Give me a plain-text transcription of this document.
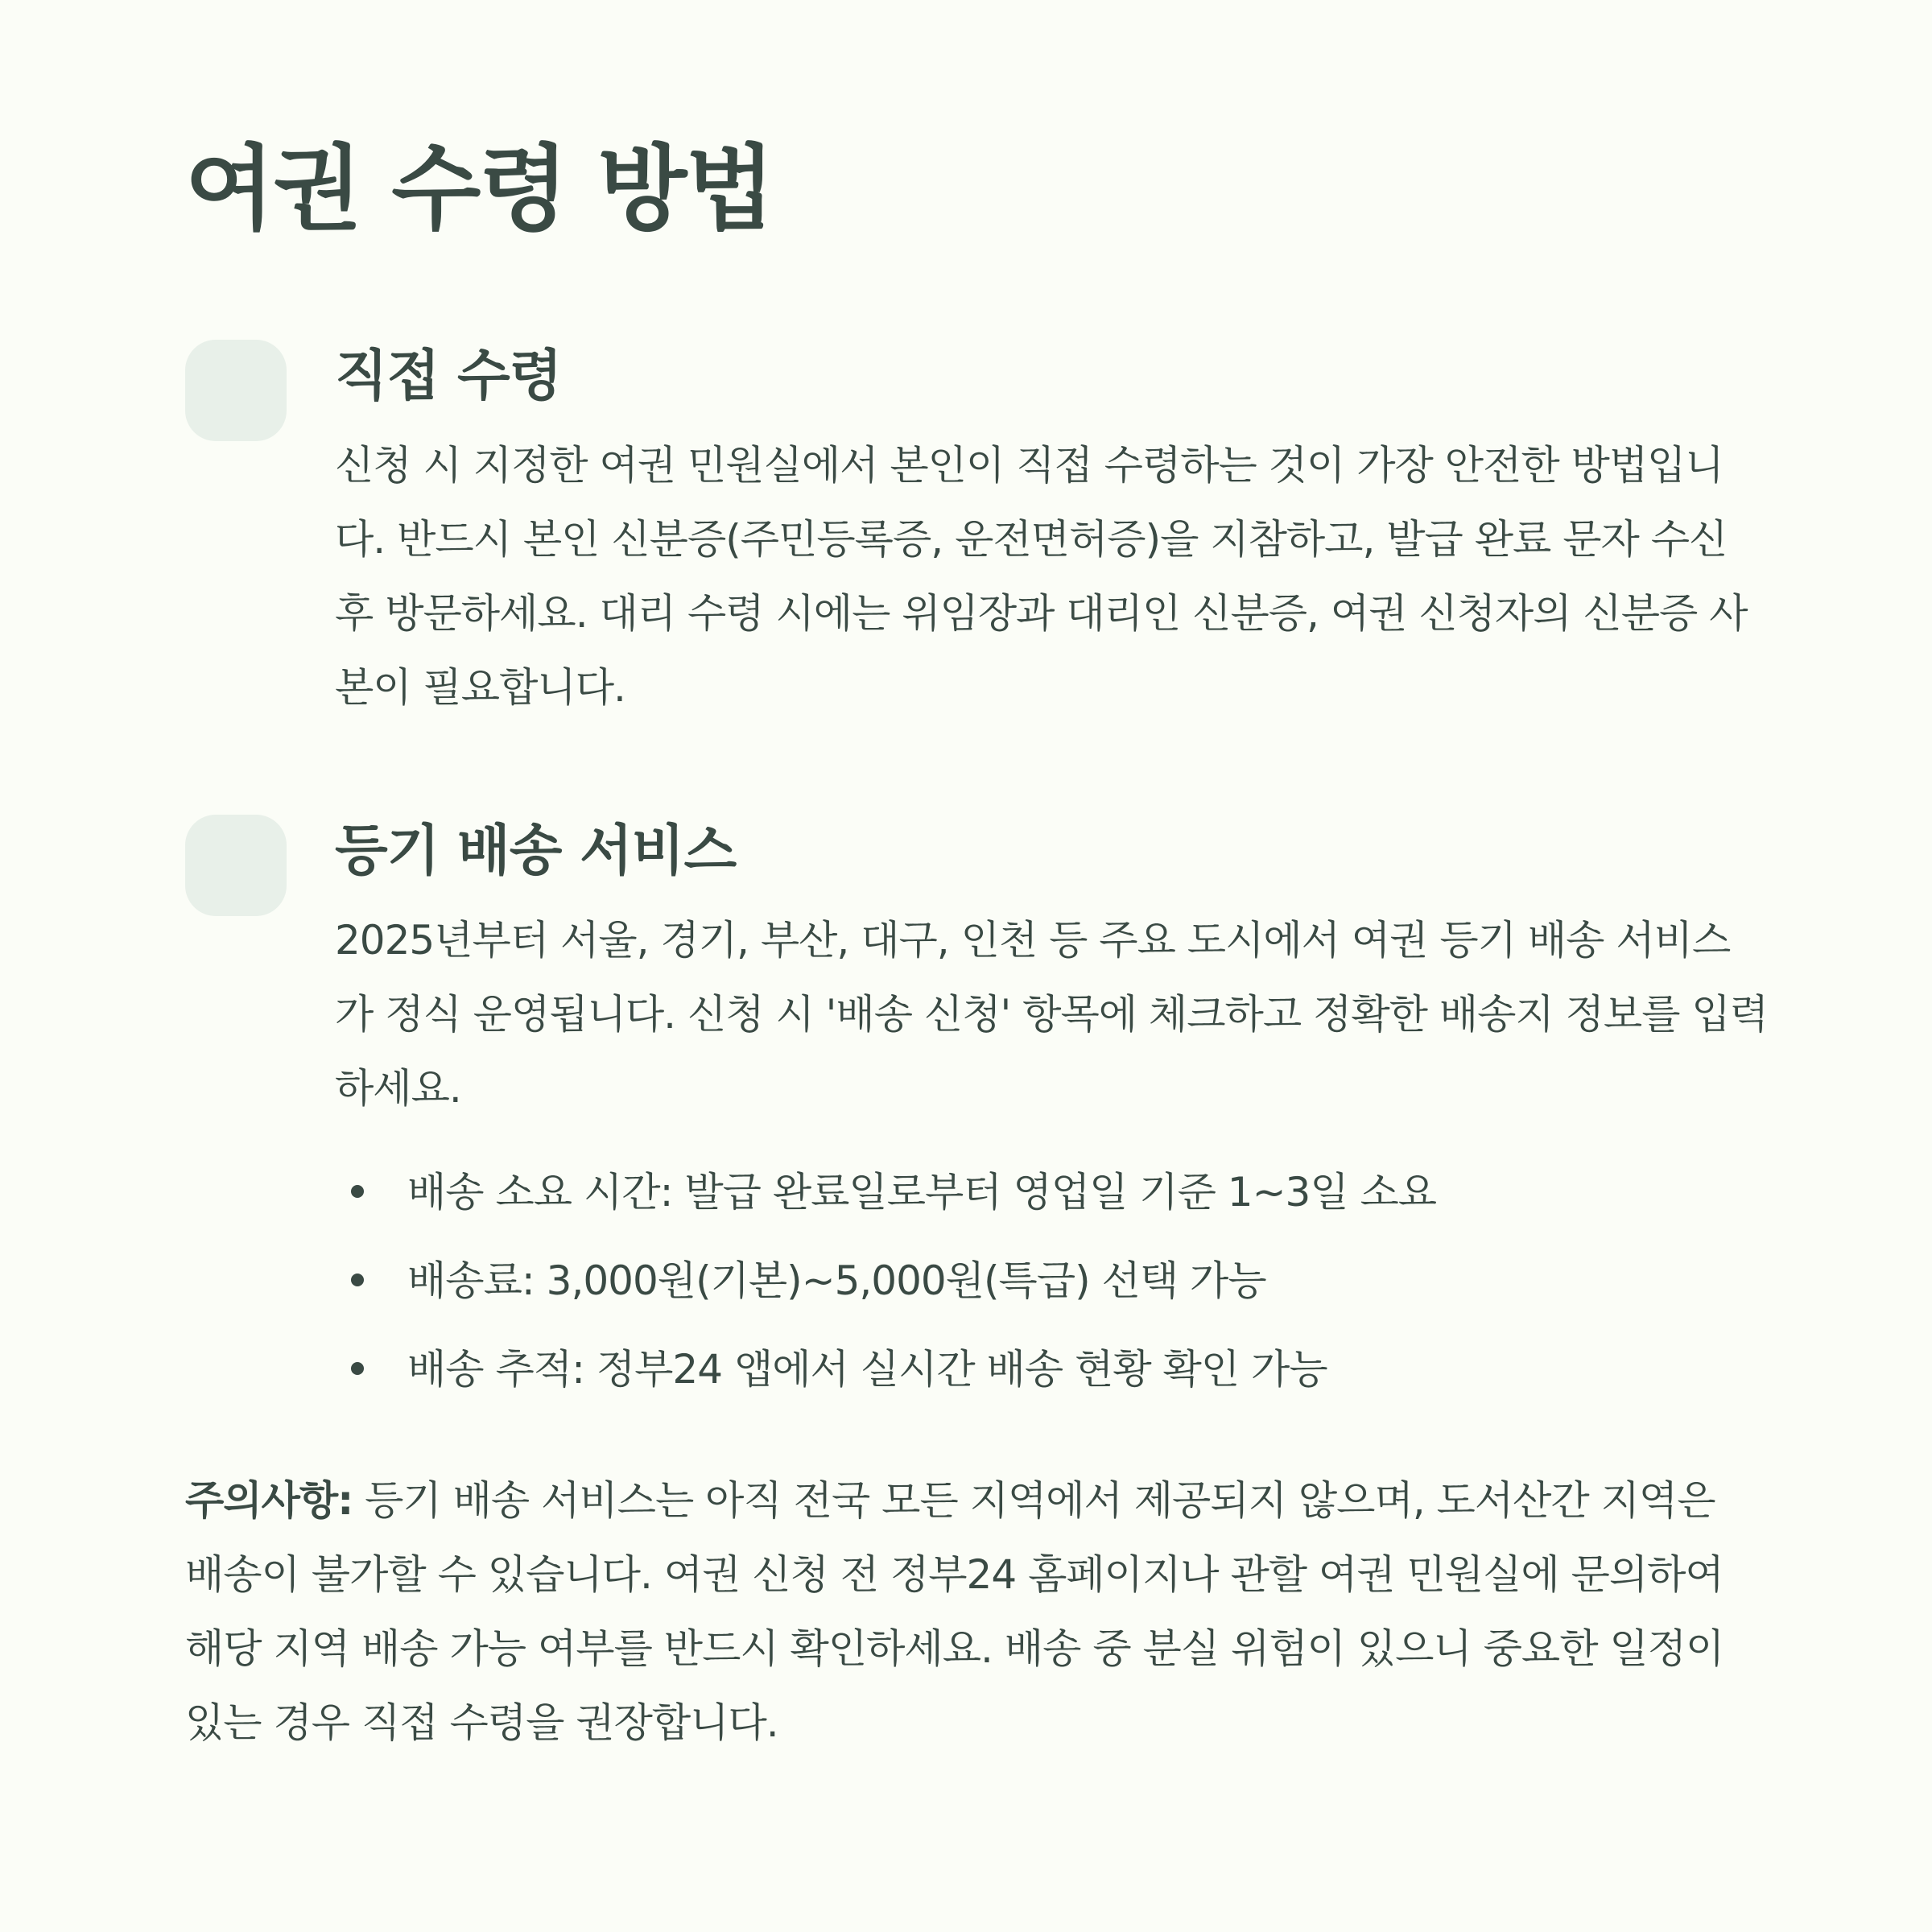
여권 수령 방법
직접 수령

신청 시 지정한 여권 민원실에서 본인이 직접 수령하는 것이 가장 안전한 방법입니다. 반드시 본인 신분증(주민등록증, 운전면허증)을 지참하고, 발급 완료 문자 수신 후 방문하세요. 대리 수령 시에는 위임장과 대리인 신분증, 여권 신청자의 신분증 사본이 필요합니다.

등기 배송 서비스

2025년부터 서울, 경기, 부산, 대구, 인천 등 주요 도시에서 여권 등기 배송 서비스가 정식 운영됩니다. 신청 시 '배송 신청' 항목에 체크하고 정확한 배송지 정보를 입력하세요.

배송 소요 시간: 발급 완료일로부터 영업일 기준 1~3일 소요
배송료: 3,000원(기본)~5,000원(특급) 선택 가능
배송 추적: 정부24 앱에서 실시간 배송 현황 확인 가능

주의사항: 등기 배송 서비스는 아직 전국 모든 지역에서 제공되지 않으며, 도서산간 지역은 배송이 불가할 수 있습니다. 여권 신청 전 정부24 홈페이지나 관할 여권 민원실에 문의하여 해당 지역 배송 가능 여부를 반드시 확인하세요. 배송 중 분실 위험이 있으니 중요한 일정이 있는 경우 직접 수령을 권장합니다.
